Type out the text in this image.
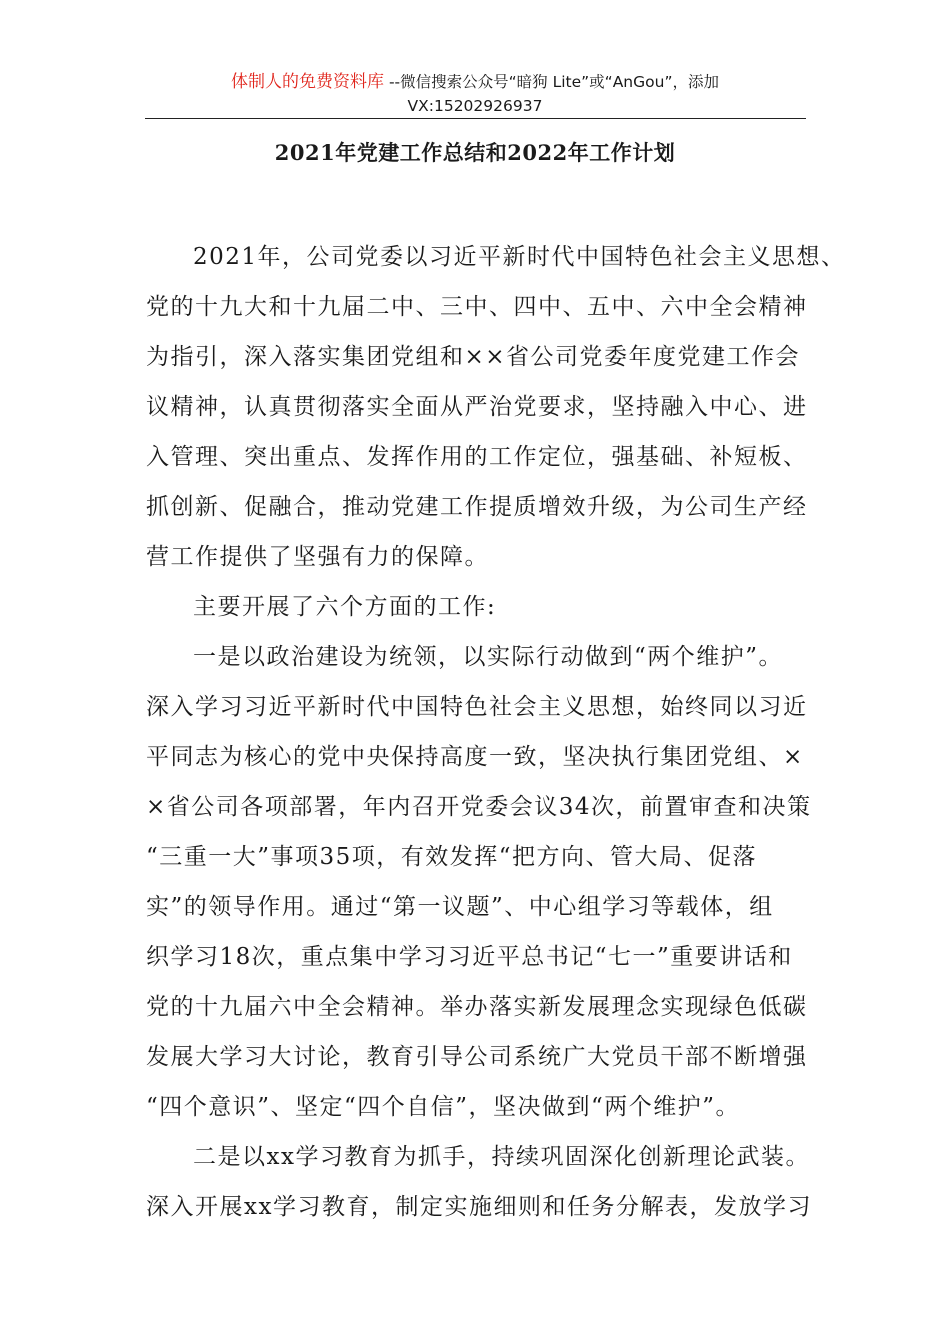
体制人的免费资料库 --微信搜索公众号“暗狗 Lite”或“AnGou”，添加
VX:15202926937
2021年党建工作总结和2022年工作计划
2021年，公司党委以习近平新时代中国特色社会主义思想、
党的十九大和十九届二中、三中、四中、五中、六中全会精神
为指引，深入落实集团党组和××省公司党委年度党建工作会
议精神，认真贯彻落实全面从严治党要求，坚持融入中心、进
入管理、突出重点、发挥作用的工作定位，强基础、补短板、
抓创新、促融合，推动党建工作提质增效升级，为公司生产经
营工作提供了坚强有力的保障。
主要开展了六个方面的工作:
一是以政治建设为统领，以实际行动做到“两个维护”。
深入学习习近平新时代中国特色社会主义思想，始终同以习近
平同志为核心的党中央保持高度一致，坚决执行集团党组、×
×省公司各项部署，年内召开党委会议34次，前置审查和决策
“三重一大”事项35项，有效发挥“把方向、管大局、促落
实”的领导作用。通过“第一议题”、中心组学习等载体，组
织学习18次，重点集中学习习近平总书记“七一”重要讲话和
党的十九届六中全会精神。举办落实新发展理念实现绿色低碳
发展大学习大讨论，教育引导公司系统广大党员干部不断增强
“四个意识”、坚定“四个自信”，坚决做到“两个维护”。
二是以xx学习教育为抓手，持续巩固深化创新理论武装。
深入开展xx学习教育，制定实施细则和任务分解表，发放学习
